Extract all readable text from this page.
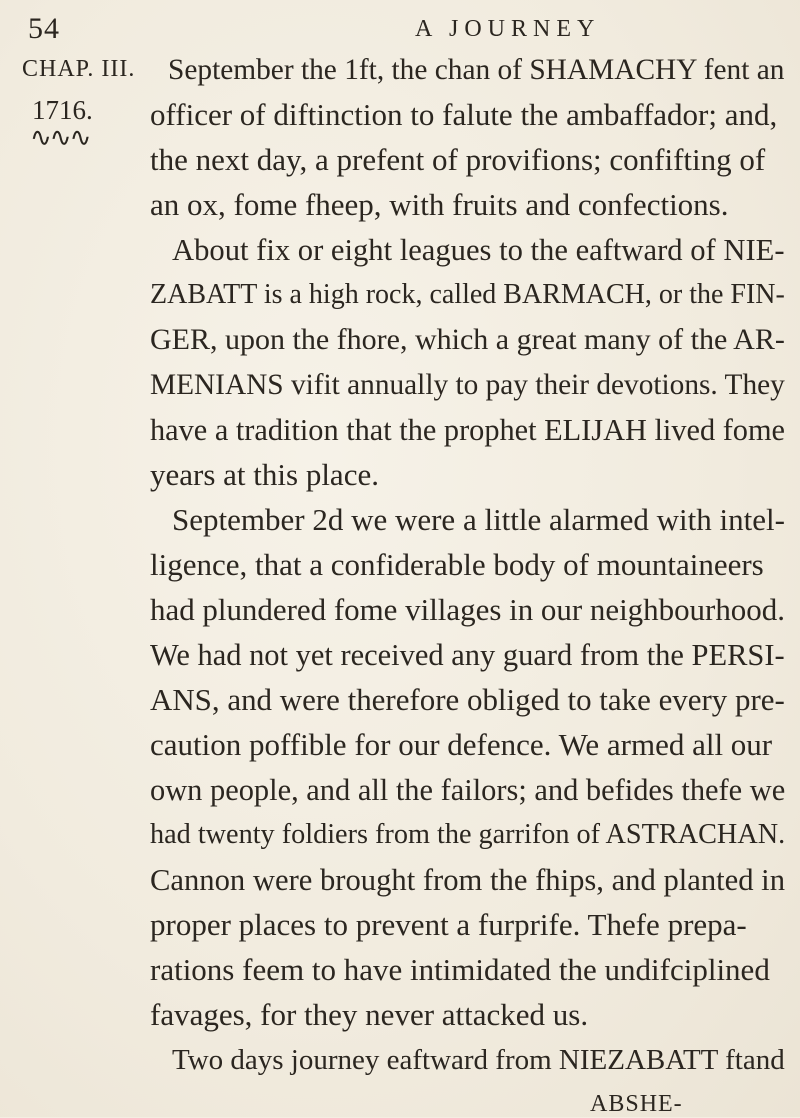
54	A JOURNEY
CHAP. III.
1716.
∿∿∿
September the 1ft, the chan of SHAMACHY fent an
officer of diftinction to falute the ambaffador; and,
the next day, a prefent of provifions; confifting of
an ox, fome fheep, with fruits and confections.
About fix or eight leagues to the eaftward of NIE-
ZABATT is a high rock, called BARMACH, or the FIN-
GER, upon the fhore, which a great many of the AR-
MENIANS vifit annually to pay their devotions. They
have a tradition that the prophet ELIJAH lived fome
years at this place.
September 2d we were a little alarmed with intel-
ligence, that a confiderable body of mountaineers
had plundered fome villages in our neighbourhood.
We had not yet received any guard from the PERSI-
ANS, and were therefore obliged to take every pre-
caution poffible for our defence. We armed all our
own people, and all the failors; and befides thefe we
had twenty foldiers from the garrifon of ASTRACHAN.
Cannon were brought from the fhips, and planted in
proper places to prevent a furprife. Thefe prepa-
rations feem to have intimidated the undifciplined
favages, for they never attacked us.
Two days journey eaftward from NIEZABATT ftand
ABSHE-
